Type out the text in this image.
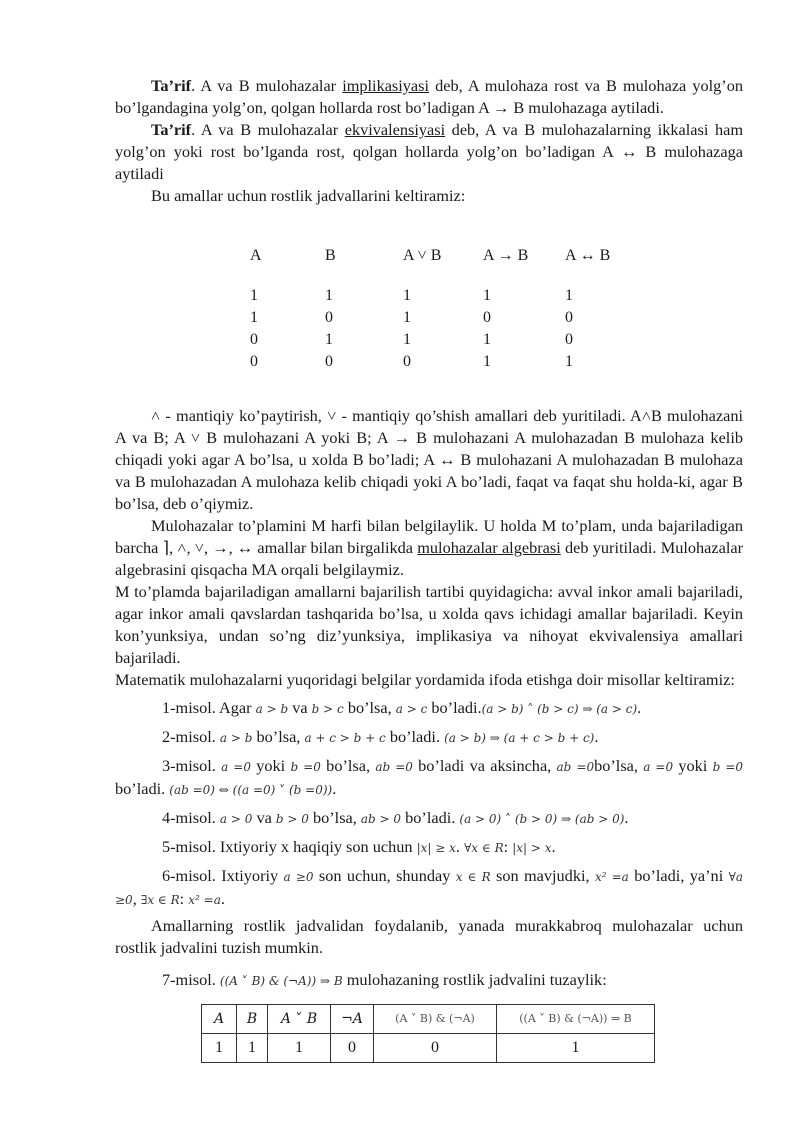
Ta’rif. A va B mulohazalar implikasiyasi deb, A mulohaza rost va B mulohaza yolg’on bo’lgandagina yolg’on, qolgan hollarda rost bo’ladigan A → B mulohazaga aytiladi.

Ta’rif. A va B mulohazalar ekvivalensiyasi deb, A va B mulohazalarning ikkalasi ham yolg’on yoki rost bo’lganda rost, qolgan hollarda yolg’on bo’ladigan A ↔ B mulohazaga aytiladi

Bu amallar uchun rostlik jadvallarini keltiramiz:

A	B	A ˅ B	A → B	A ↔ B
1	1	1	1	1
1	0	1	0	0
0	1	1	1	0
0	0	0	1	1

˄ - mantiqiy ko’paytirish, ˅ - mantiqiy qo’shish amallari deb yuritiladi. A˄B mulohazani A va B; A ˅ B mulohazani A yoki B; A → B mulohazani A mulohazadan B mulohaza kelib chiqadi yoki agar A bo’lsa, u xolda B bo’ladi; A ↔ B mulohazani A mulohazadan B mulohaza va B mulohazadan A mulohaza kelib chiqadi yoki A bo’ladi, faqat va faqat shu holda-ki, agar B bo’lsa, deb o’qiymiz.

Mulohazalar to’plamini M harfi bilan belgilaylik. U holda M to’plam, unda bajariladigan barcha ⌉, ˄, ˅, →, ↔ amallar bilan birgalikda mulohazalar algebrasi deb yuritiladi. Mulohazalar algebrasini qisqacha MA orqali belgilaymiz.

M to’plamda bajariladigan amallarni bajarilish tartibi quyidagicha: avval inkor amali bajariladi, agar inkor amali qavslardan tashqarida bo’lsa, u xolda qavs ichidagi amallar bajariladi. Keyin kon’yunksiya, undan so’ng diz’yunksiya, implikasiya va nihoyat ekvivalensiya amallari bajariladi.

Matematik mulohazalarni yuqoridagi belgilar yordamida ifoda etishga doir misollar keltiramiz:

1-misol. Agar a > b va b > c bo’lsa, a > c bo’ladi.(a > b) ˄ (b > c) ⇒ (a > c).

2-misol. a > b bo’lsa, a + c > b + c bo’ladi. (a > b) ⇒ (a + c > b + c).

3-misol. a =0 yoki b =0 bo’lsa, ab =0 bo’ladi va aksincha, ab =0bo’lsa, a =0 yoki b =0 bo’ladi. (ab =0) ⇔ ((a =0) ˅ (b =0)).

4-misol. a > 0 va b > 0 bo’lsa, ab > 0 bo’ladi. (a > 0) ˄ (b > 0) ⇒ (ab > 0).

5-misol. Ixtiyoriy x haqiqiy son uchun |x| ≥ x. ∀x ∈ R: |x| > x.

6-misol. Ixtiyoriy a ≥0 son uchun, shunday x ∈ R son mavjudki, x² =a bo’ladi, ya’ni ∀a ≥0, ∃x ∈ R: x² =a.

Amallarning rostlik jadvalidan foydalanib, yanada murakkabroq mulohazalar uchun rostlik jadvalini tuzish mumkin.

7-misol. ((A ˅ B) & (¬A)) ⇒ B mulohazaning rostlik jadvalini tuzaylik:

A	B	A ˅ B	¬A	(A ˅ B) & (¬A)	((A ˅ B) & (¬A)) ⇒ B
1	1	1	0	0	1
